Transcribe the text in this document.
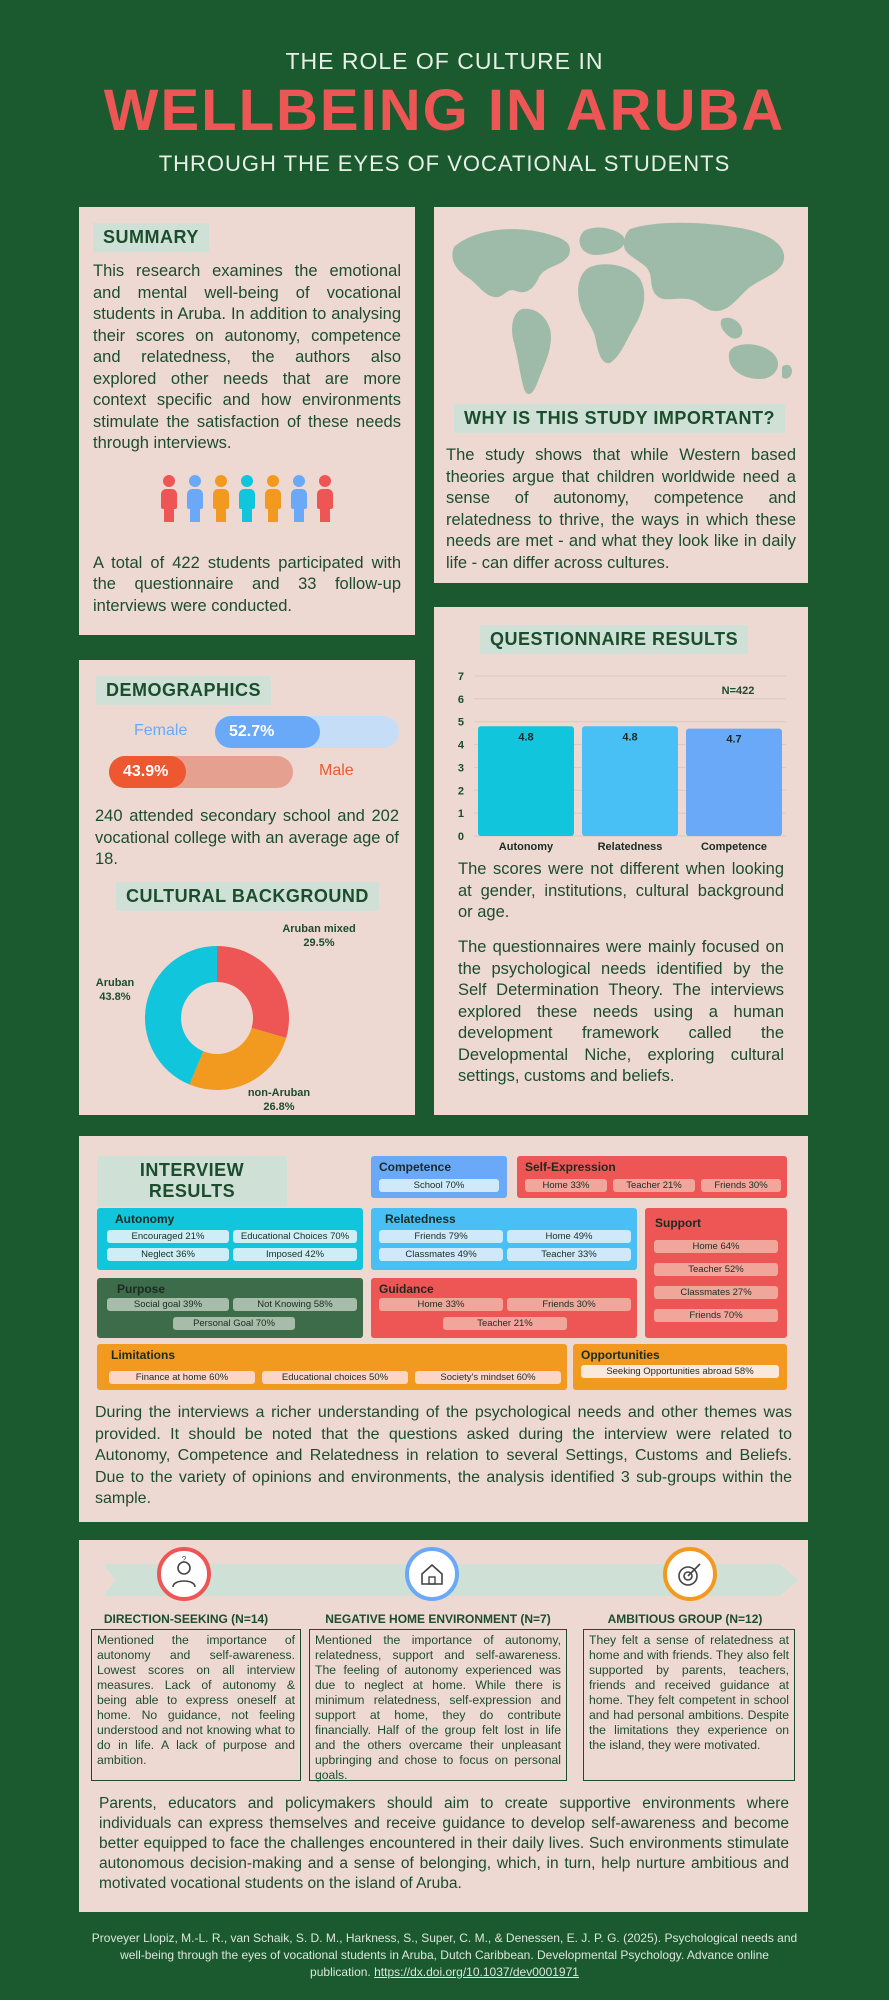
THE ROLE OF CULTURE IN
WELLBEING IN ARUBA
THROUGH THE EYES OF VOCATIONAL STUDENTS
SUMMARY
This research examines the emotional and mental well-being of vocational students in Aruba. In addition to analysing their scores on autonomy, competence and relatedness, the authors also explored other needs that are more context specific and how environments stimulate the satisfaction of these needs through interviews.
A total of 422 students participated with the questionnaire and 33 follow-up interviews were conducted.
WHY IS THIS STUDY IMPORTANT?
The study shows that while Western based theories argue that children worldwide need a sense of autonomy, competence and relatedness to thrive, the ways in which these needs are met - and what they look like in daily life - can differ across cultures.
DEMOGRAPHICS
Female	52.7%
43.9%	Male
240 attended secondary school and 202 vocational college with an average age of 18.
CULTURAL BACKGROUND
Aruban mixed
29.5%
Aruban
43.8%
non-Aruban
26.8%
QUESTIONNAIRE RESULTS
0
1
2
3
4
5
6
7
4.8
Autonomy
4.8
Relatedness
4.7
Competence
N=422
The scores were not different when looking at gender, institutions, cultural background or age.
The questionnaires were mainly focused on the psychological needs identified by the Self Determination Theory. The interviews explored these needs using a human development framework called the Developmental Niche, exploring cultural settings, customs and beliefs.
INTERVIEW RESULTS
Competence
School 70%
Self-Expression
Home 33%	Teacher 21%	Friends 30%
Autonomy
Encouraged 21%	Educational Choices 70%
Neglect 36%	Imposed 42%
Relatedness
Friends 79%	Home 49%
Classmates 49%	Teacher 33%
Support
Home 64%
Teacher 52%
Classmates 27%
Friends 70%
Purpose
Social goal 39%	Not Knowing 58%
Personal Goal 70%
Guidance
Home 33%	Friends 30%
Teacher 21%
Limitations
Finance at home 60%	Educational choices 50%	Society's mindset 60%
Opportunities
Seeking Opportunities abroad 58%
During the interviews a richer understanding of the psychological needs and other themes was provided. It should be noted that the questions asked during the interview were related to Autonomy, Competence and Relatedness in relation to several Settings, Customs and Beliefs. Due to the variety of opinions and environments, the analysis identified 3 sub-groups within the sample.
?
DIRECTION-SEEKING (N=14)	NEGATIVE HOME ENVIRONMENT (N=7)	AMBITIOUS GROUP (N=12)
Mentioned the importance of autonomy and self-awareness. Lowest scores on all interview measures. Lack of autonomy & being able to express oneself at home. No guidance, not feeling understood and not knowing what to do in life. A lack of purpose and ambition.
Mentioned the importance of autonomy, relatedness, support and self-awareness. The feeling of autonomy experienced was due to neglect at home. While there is minimum relatedness, self-expression and support at home, they do contribute financially. Half of the group felt lost in life and the others overcame their unpleasant upbringing and chose to focus on personal goals.
They felt a sense of relatedness at home and with friends. They also felt supported by parents, teachers, friends and received guidance at home. They felt competent in school and had personal ambitions. Despite the limitations they experience on the island, they were motivated.
Parents, educators and policymakers should aim to create supportive environments where individuals can express themselves and receive guidance to develop self-awareness and become better equipped to face the challenges encountered in their daily lives. Such environments stimulate autonomous decision-making and a sense of belonging, which, in turn, help nurture ambitious and motivated vocational students on the island of Aruba.
Proveyer Llopiz, M.-L. R., van Schaik, S. D. M., Harkness, S., Super, C. M., & Denessen, E. J. P. G. (2025). Psychological needs and well-being through the eyes of vocational students in Aruba, Dutch Caribbean. Developmental Psychology. Advance online publication. https://dx.doi.org/10.1037/dev0001971
